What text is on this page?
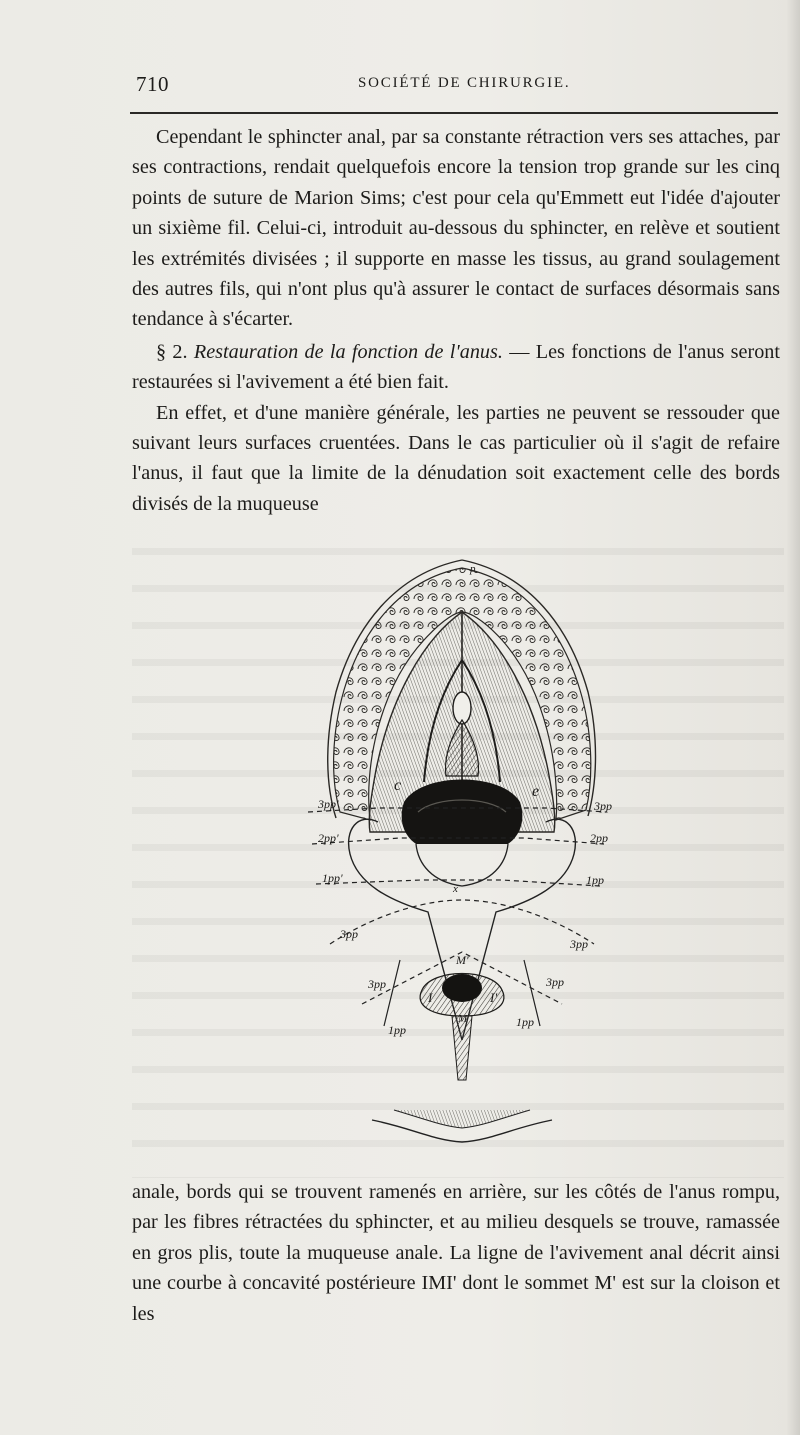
710	SOCIÉTÉ DE CHIRURGIE.

Cependant le sphincter anal, par sa constante rétraction vers ses attaches, par ses contractions, rendait quelquefois encore la tension trop grande sur les cinq points de suture de Marion Sims; c'est pour cela qu'Emmett eut l'idée d'ajouter un sixième fil. Celui-ci, introduit au-dessous du sphincter, en relève et soutient les extrémités divisées ; il supporte en masse les tissus, au grand soulagement des autres fils, qui n'ont plus qu'à assurer le contact de surfaces désormais sans tendance à s'écarter.

§ 2. Restauration de la fonction de l'anus. — Les fonctions de l'anus seront restaurées si l'avivement a été bien fait.

En effet, et d'une manière générale, les parties ne peuvent se ressouder que suivant leurs surfaces cruentées. Dans le cas particulier où il s'agit de refaire l'anus, il faut que la limite de la dénudation soit exactement celle des bords divisés de la muqueuse

3pp'
2pp'
1pp'
3pp
3pp
2pp
1pp
3pp
3pp	3pp
1pp
1pp
c	e
x
M'
I	I'
M
p

anale, bords qui se trouvent ramenés en arrière, sur les côtés de l'anus rompu, par les fibres rétractées du sphincter, et au milieu desquels se trouve, ramassée en gros plis, toute la muqueuse anale. La ligne de l'avivement anal décrit ainsi une courbe à concavité postérieure IMI' dont le sommet M' est sur la cloison et les
